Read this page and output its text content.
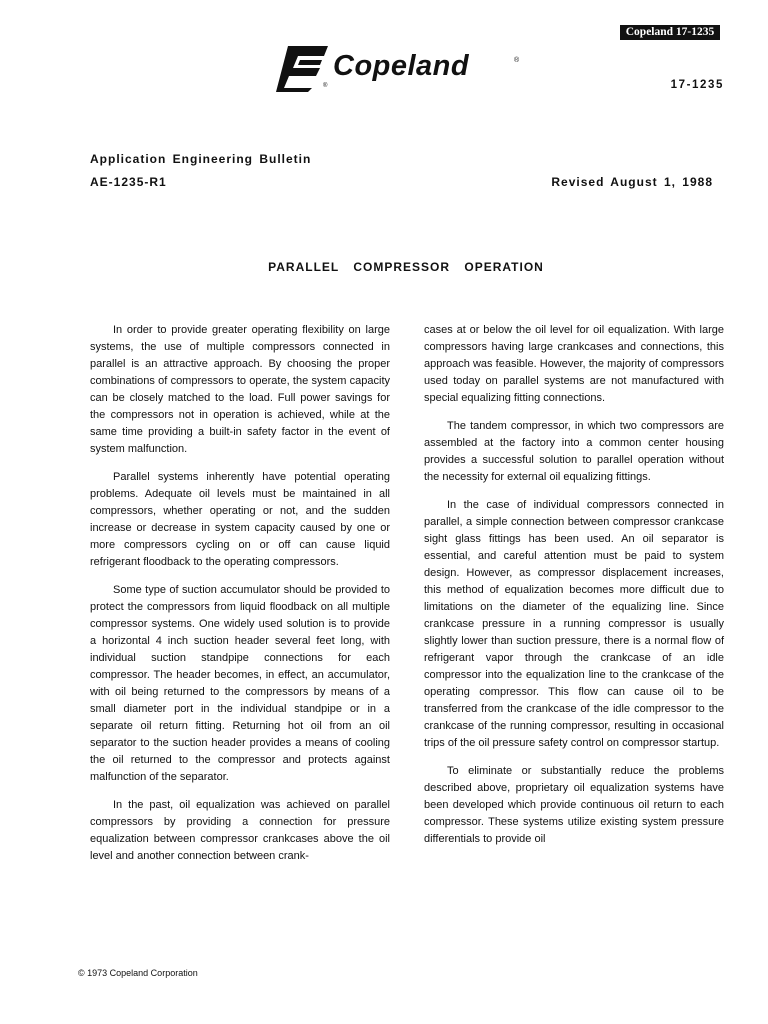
Copeland 17-1235
®
Copeland	®
17-1235
Application Engineering Bulletin
AE-1235-R1	Revised August 1, 1988
PARALLEL COMPRESSOR OPERATION

In order to provide greater operating flexibility on large systems, the use of multiple compressors connected in parallel is an attractive approach. By choosing the proper combinations of compressors to operate, the system capacity can be closely matched to the load. Full power savings for the compressors not in operation is achieved, while at the same time providing a built-in safety factor in the event of system malfunction.

Parallel systems inherently have potential operating problems. Adequate oil levels must be maintained in all compressors, whether operating or not, and the sudden increase or decrease in system capacity caused by one or more compressors cycling on or off can cause liquid refrigerant floodback to the operating compressors.

Some type of suction accumulator should be provided to protect the compressors from liquid floodback on all multiple compressor systems. One widely used solution is to provide a horizontal 4 inch suction header several feet long, with individual suction standpipe connections for each compressor. The header becomes, in effect, an accumulator, with oil being returned to the compressors by means of a small diameter port in the individual standpipe or in a separate oil return fitting. Returning hot oil from an oil separator to the suction header provides a means of cooling the oil returned to the compressor and protects against malfunction of the separator.

In the past, oil equalization was achieved on parallel compressors by providing a connection for pressure equalization between compressor crankcases above the oil level and another connection between crank-

cases at or below the oil level for oil equalization. With large compressors having large crankcases and connections, this approach was feasible. However, the majority of compressors used today on parallel systems are not manufactured with special equalizing fitting connections.

The tandem compressor, in which two compressors are assembled at the factory into a common center housing provides a successful solution to parallel operation without the necessity for external oil equalizing fittings.

In the case of individual compressors connected in parallel, a simple connection between compressor crankcase sight glass fittings has been used. An oil separator is essential, and careful attention must be paid to system design. However, as compressor displacement increases, this method of equalization becomes more difficult due to limitations on the diameter of the equalizing line. Since crankcase pressure in a running compressor is usually slightly lower than suction pressure, there is a normal flow of refrigerant vapor through the crankcase of an idle compressor into the equalization line to the crankcase of the operating compressor. This flow can cause oil to be transferred from the crankcase of the idle compressor to the crankcase of the running compressor, resulting in occasional trips of the oil pressure safety control on compressor startup.

To eliminate or substantially reduce the problems described above, proprietary oil equalization systems have been developed which provide continuous oil return to each compressor. These systems utilize existing system pressure differentials to provide oil

© 1973 Copeland Corporation
